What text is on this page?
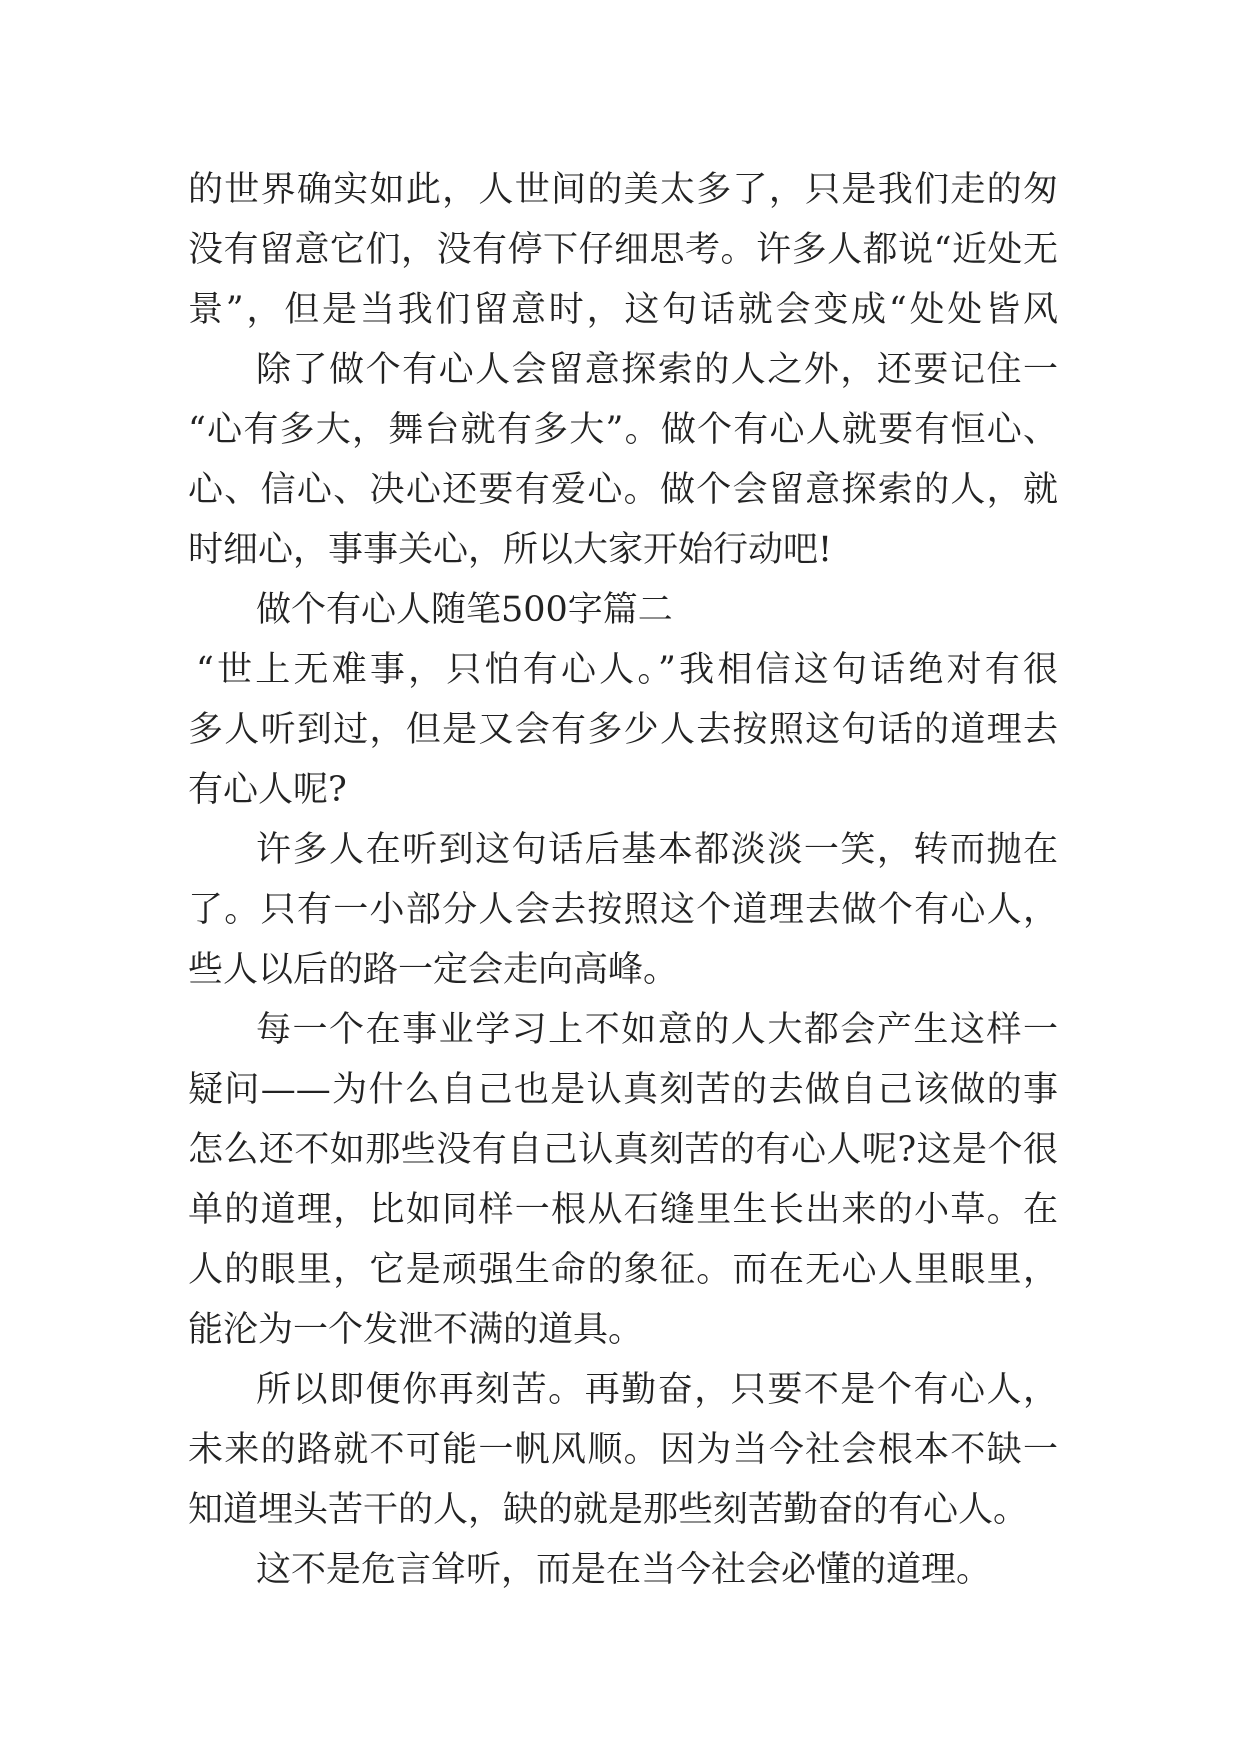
的世界确实如此，人世间的美太多了，只是我们走的匆
没有留意它们，没有停下仔细思考。许多人都说“近处无
景”，但是当我们留意时，这句话就会变成“处处皆风
除了做个有心人会留意探索的人之外，还要记住一
“心有多大，舞台就有多大”。做个有心人就要有恒心、
心、信心、决心还要有爱心。做个会留意探索的人，就
时细心，事事关心，所以大家开始行动吧!
做个有心人随笔500字篇二
“世上无难事，只怕有心人。”我相信这句话绝对有很
多人听到过，但是又会有多少人去按照这句话的道理去
有心人呢?
许多人在听到这句话后基本都淡淡一笑，转而抛在
了。只有一小部分人会去按照这个道理去做个有心人，
些人以后的路一定会走向高峰。
每一个在事业学习上不如意的人大都会产生这样一
疑问——为什么自己也是认真刻苦的去做自己该做的事
怎么还不如那些没有自己认真刻苦的有心人呢?这是个很
单的道理，比如同样一根从石缝里生长出来的小草。在
人的眼里，它是顽强生命的象征。而在无心人里眼里，
能沦为一个发泄不满的道具。
所以即便你再刻苦。再勤奋，只要不是个有心人，
未来的路就不可能一帆风顺。因为当今社会根本不缺一
知道埋头苦干的人，缺的就是那些刻苦勤奋的有心人。
这不是危言耸听，而是在当今社会必懂的道理。
